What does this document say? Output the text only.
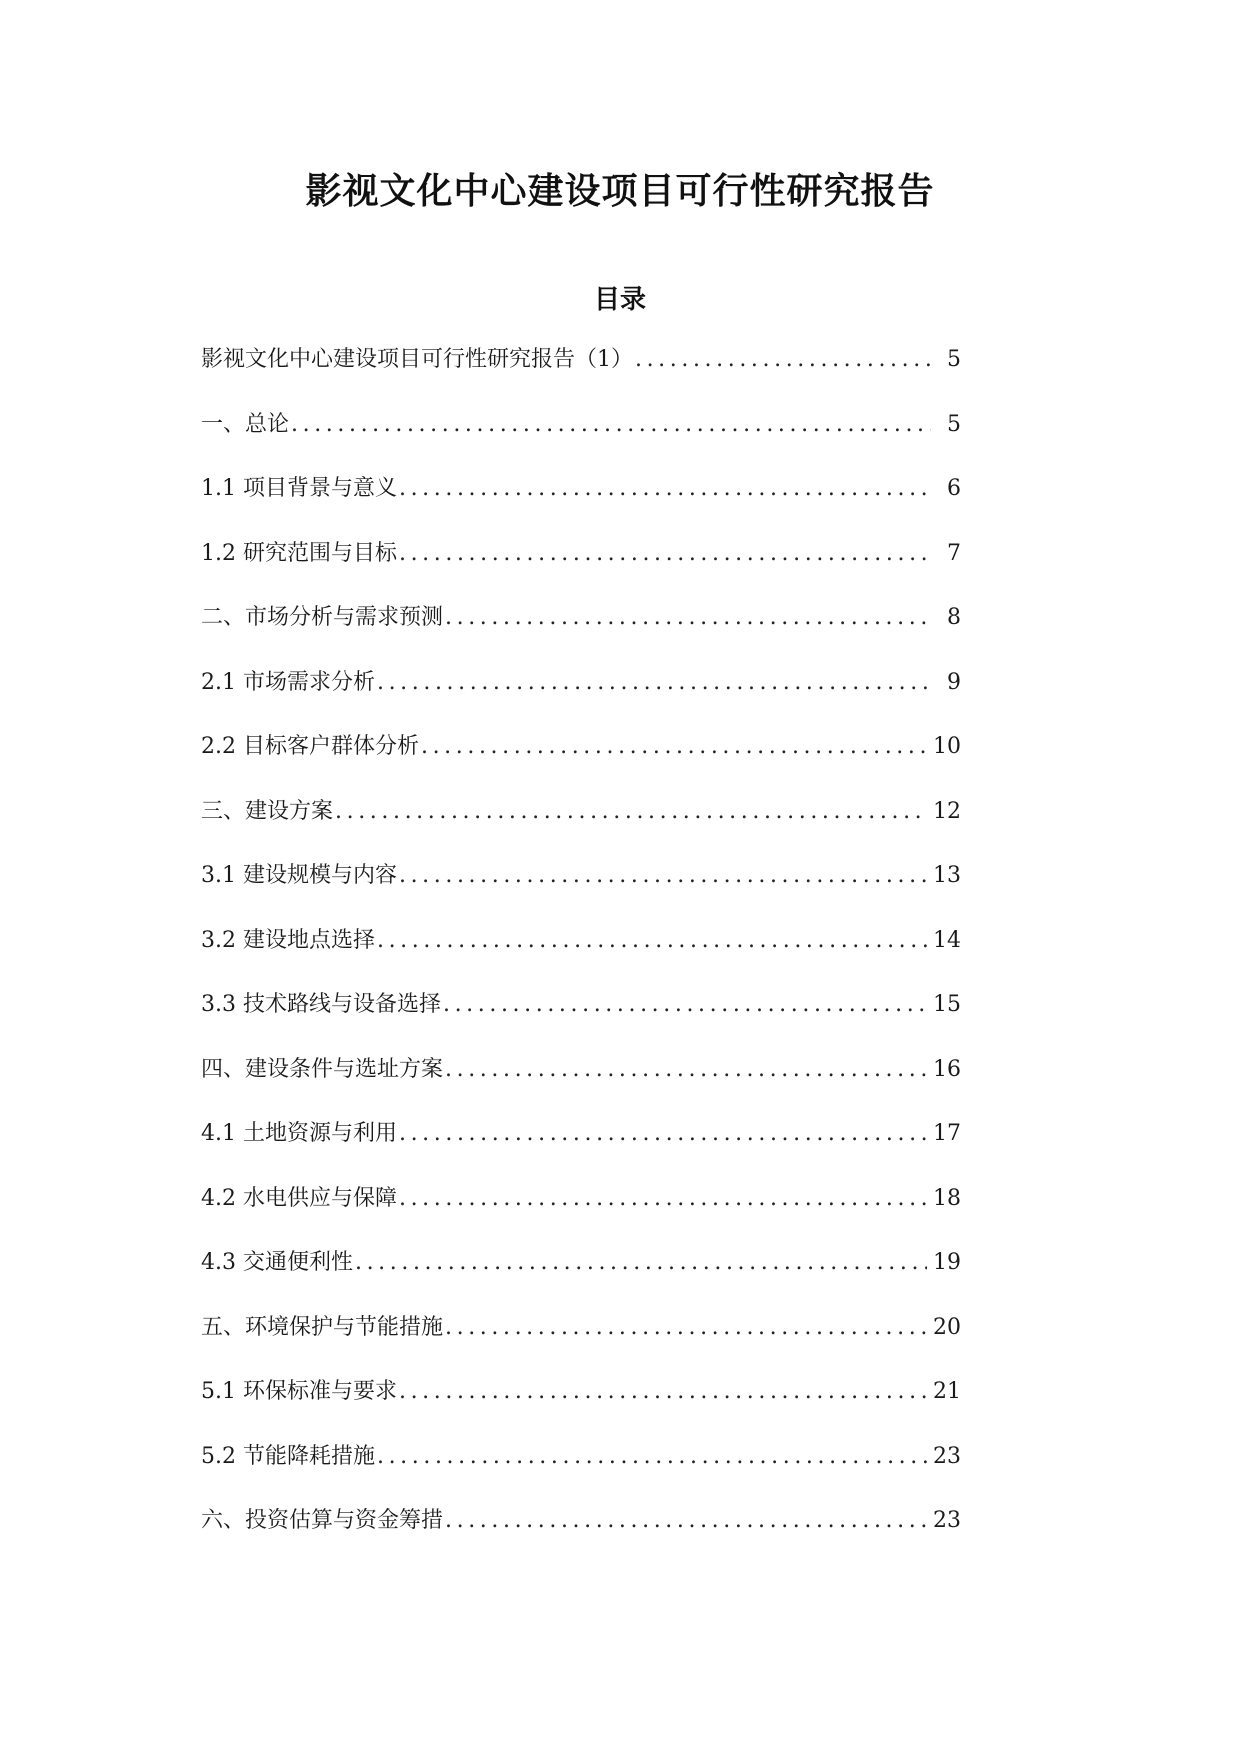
影视文化中心建设项目可行性研究报告
目录
影视文化中心建设项目可行性研究报告（1） .....	5
一、总论 .....	5
1.1 项目背景与意义 .....	6
1.2 研究范围与目标 .....	7
二、市场分析与需求预测 .....	8
2.1 市场需求分析 .....	9
2.2 目标客户群体分析 .....	10
三、建设方案 .....	12
3.1 建设规模与内容 .....	13
3.2 建设地点选择 .....	14
3.3 技术路线与设备选择 .....	15
四、建设条件与选址方案 .....	16
4.1 土地资源与利用 .....	17
4.2 水电供应与保障 .....	18
4.3 交通便利性 .....	19
五、环境保护与节能措施 .....	20
5.1 环保标准与要求 .....	21
5.2 节能降耗措施 .....	23
六、投资估算与资金筹措 .....	23
